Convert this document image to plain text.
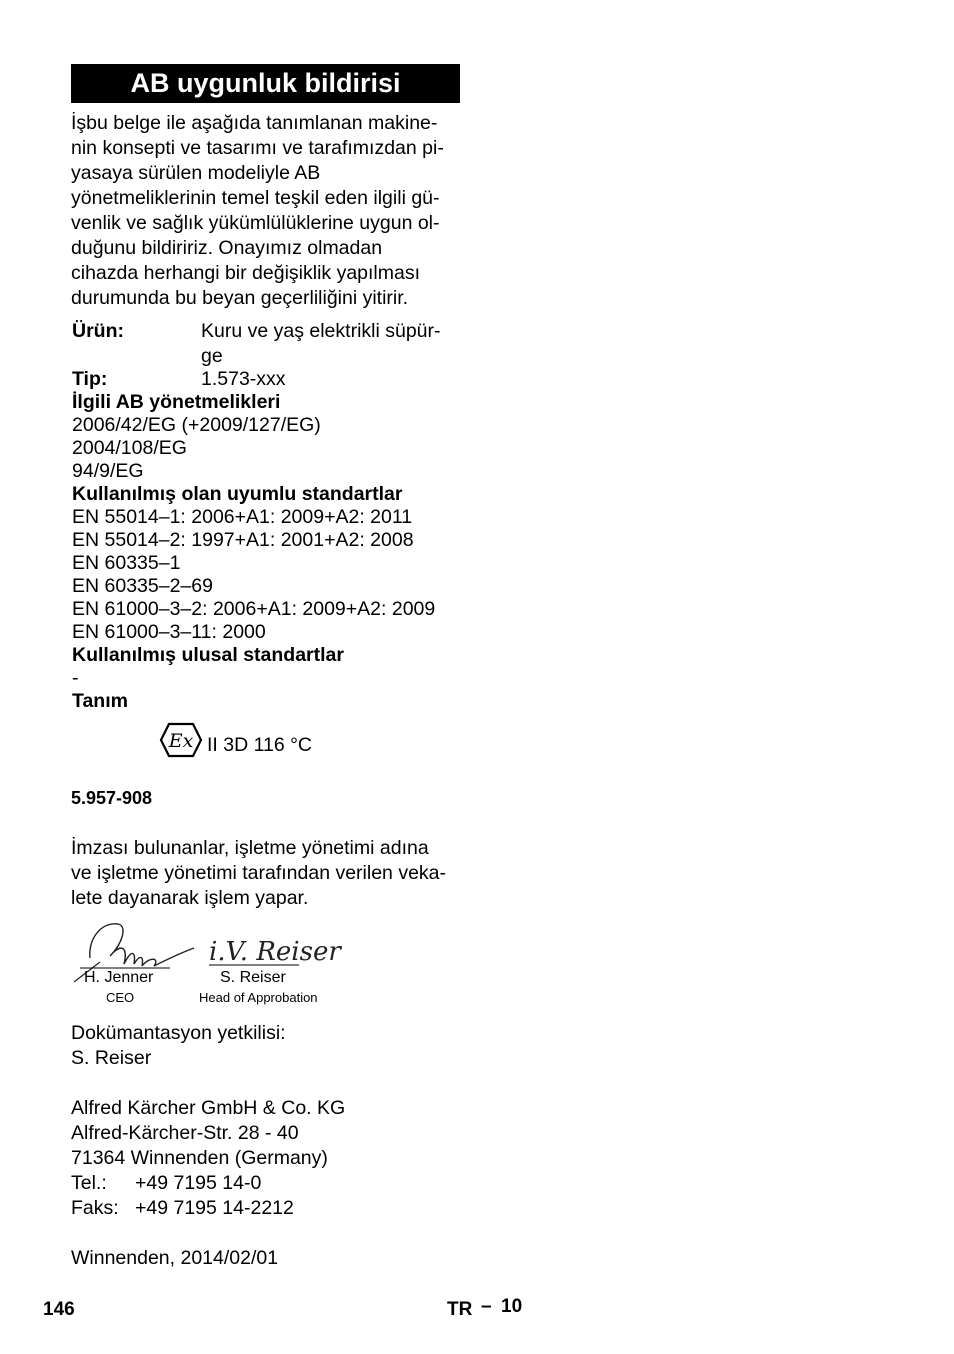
AB uygunluk bildirisi
İşbu belge ile aşağıda tanımlanan makine-
nin konsepti ve tasarımı ve tarafımızdan pi-
yasaya sürülen modeliyle AB
yönetmeliklerinin temel teşkil eden ilgili gü-
venlik ve sağlık yükümlülüklerine uygun ol-
duğunu bildiririz. Onayımız olmadan
cihazda herhangi bir değişiklik yapılması
durumunda bu beyan geçerliliğini yitirir.
Ürün:	Kuru ve yaş elektrikli süpür-
ge
Tip:	1.573-xxx
İlgili AB yönetmelikleri
2006/42/EG (+2009/127/EG)
2004/108/EG
94/9/EG
Kullanılmış olan uyumlu standartlar
EN 55014–1: 2006+A1: 2009+A2: 2011
EN 55014–2: 1997+A1: 2001+A2: 2008
EN 60335–1
EN 60335–2–69
EN 61000–3–2: 2006+A1: 2009+A2: 2009
EN 61000–3–11: 2000
Kullanılmış ulusal standartlar
-
Tanım
Ex II 3D 116 °C
5.957-908
İmzası bulunanlar, işletme yönetimi adına
ve işletme yönetimi tarafından verilen veka-
lete dayanarak işlem yapar.
Jenner
i.V. Reiser
H. Jenner
CEO
S. Reiser
Head of Approbation
Dokümantasyon yetkilisi:
S. Reiser
Alfred Kärcher GmbH & Co. KG
Alfred-Kärcher-Str. 28 - 40
71364 Winnenden (Germany)
Tel.: +49 7195 14-0
Faks: +49 7195 14-2212
Winnenden, 2014/02/01
146	TR – 10
